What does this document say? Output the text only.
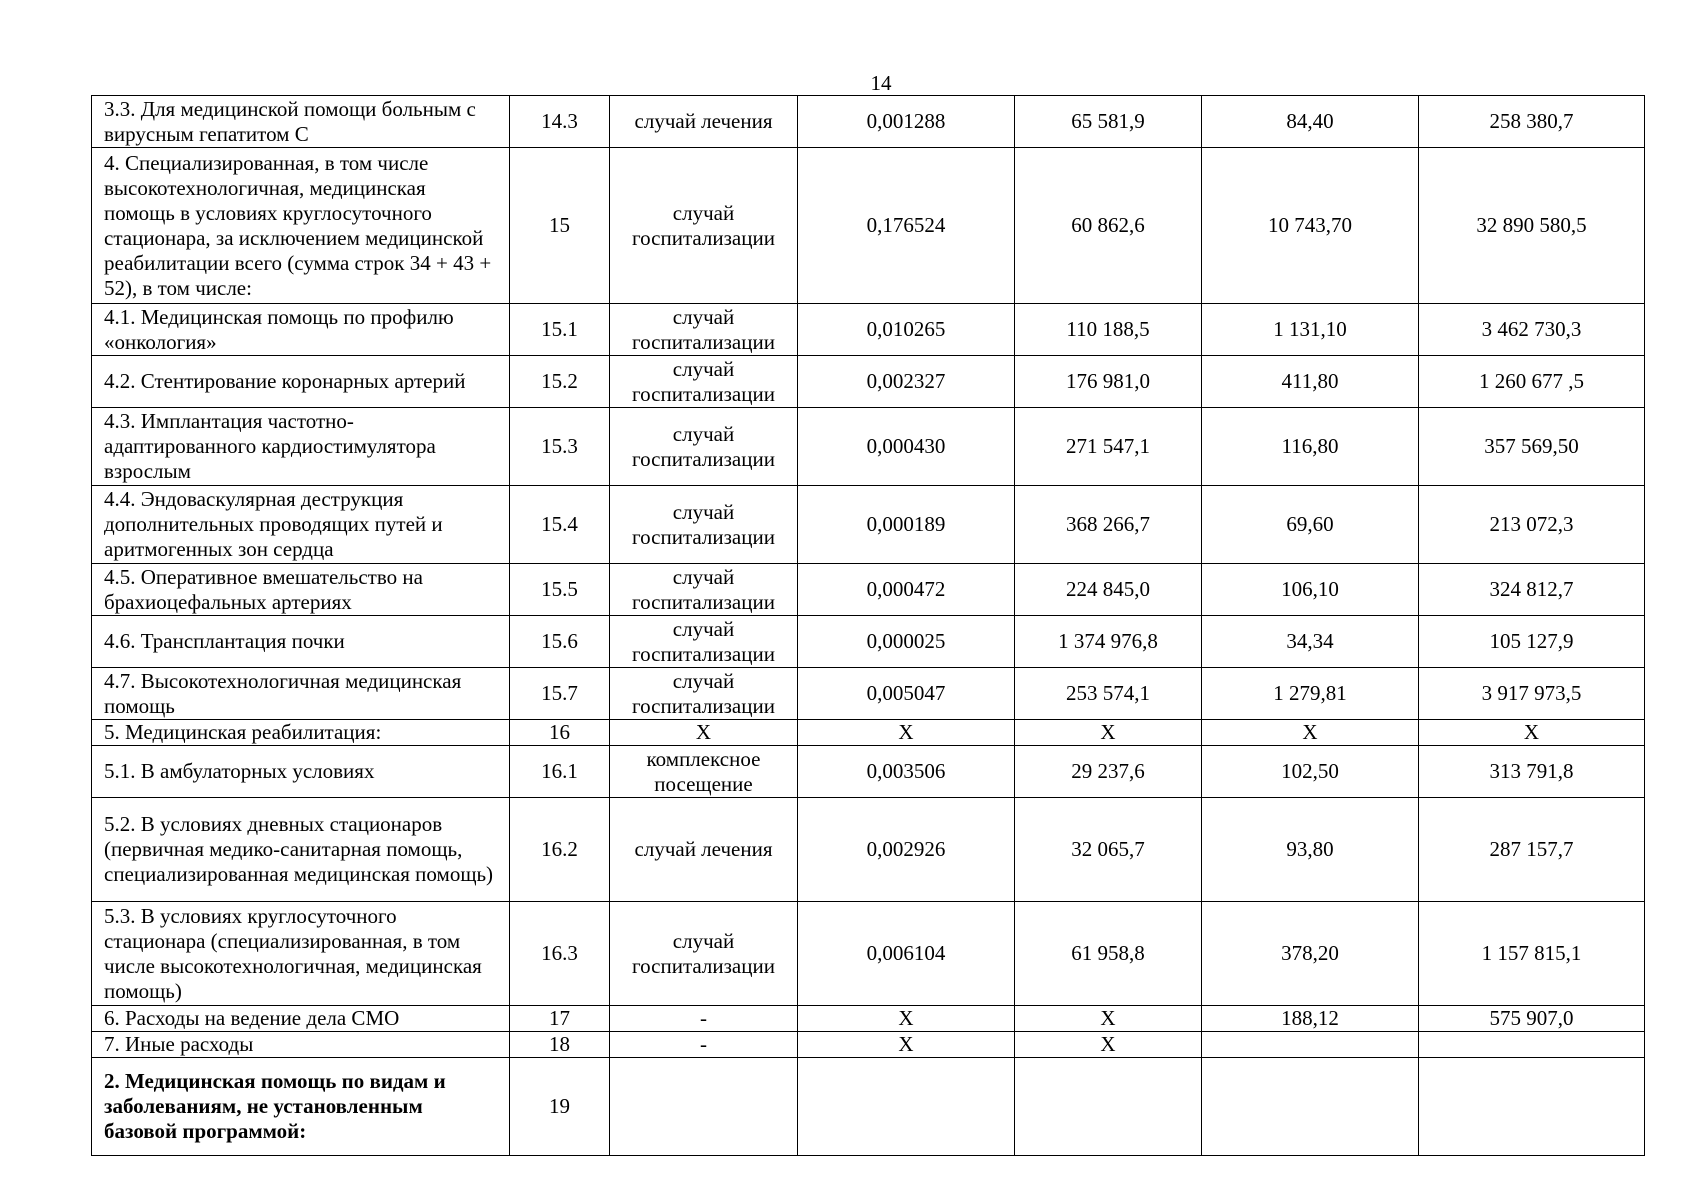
14
3.3. Для медицинской помощи больным с вирусным гепатитом С	14.3	случай лечения	0,001288	65 581,9	84,40	258 380,7
4. Специализированная, в том числе высокотехнологичная, медицинская помощь в условиях круглосуточного стационара, за исключением медицинской реабилитации всего (сумма строк 34 + 43 + 52), в том числе:	15	случай госпитализации	0,176524	60 862,6	10 743,70	32 890 580,5
4.1. Медицинская помощь по профилю «онкология»	15.1	случай госпитализации	0,010265	110 188,5	1 131,10	3 462 730,3
4.2. Стентирование коронарных артерий	15.2	случай госпитализации	0,002327	176 981,0	411,80	1 260 677 ,5
4.3. Имплантация частотно-адаптированного кардиостимулятора взрослым	15.3	случай госпитализации	0,000430	271 547,1	116,80	357 569,50
4.4. Эндоваскулярная деструкция дополнительных проводящих путей и аритмогенных зон сердца	15.4	случай госпитализации	0,000189	368 266,7	69,60	213 072,3
4.5. Оперативное вмешательство на брахиоцефальных артериях	15.5	случай госпитализации	0,000472	224 845,0	106,10	324 812,7
4.6. Трансплантация почки	15.6	случай госпитализации	0,000025	1 374 976,8	34,34	105 127,9
4.7. Высокотехнологичная медицинская помощь	15.7	случай госпитализации	0,005047	253 574,1	1 279,81	3 917 973,5
5. Медицинская реабилитация:	16	Х	Х	Х	Х	Х
5.1. В амбулаторных условиях	16.1	комплексное посещение	0,003506	29 237,6	102,50	313 791,8
5.2. В условиях дневных стационаров (первичная медико-санитарная помощь, специализированная медицинская помощь)	16.2	случай лечения	0,002926	32 065,7	93,80	287 157,7
5.3. В условиях круглосуточного стационара (специализированная, в том числе высокотехнологичная, медицинская помощь)	16.3	случай госпитализации	0,006104	61 958,8	378,20	1 157 815,1
6. Расходы на ведение дела СМО	17	-	Х	Х	188,12	575 907,0
7. Иные расходы	18	-	Х	Х		
2. Медицинская помощь по видам и заболеваниям, не установленным базовой программой:	19					
